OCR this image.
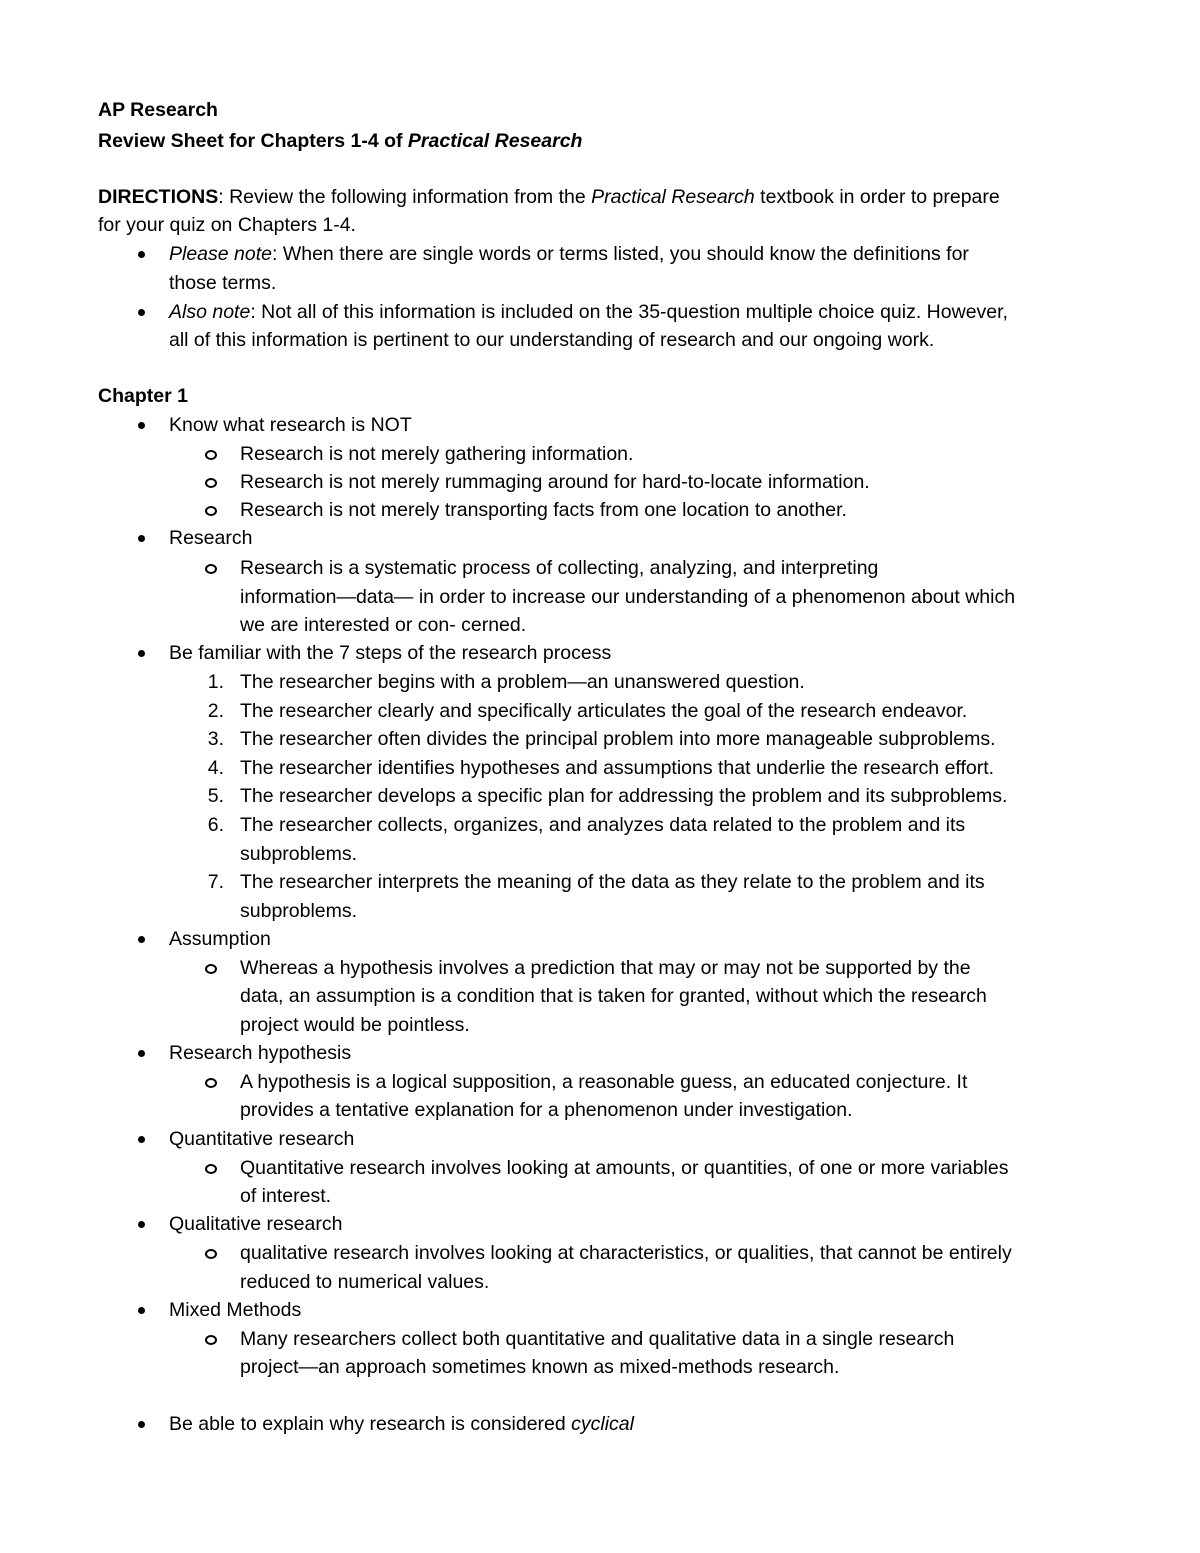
AP Research
Review Sheet for Chapters 1-4 of Practical Research
DIRECTIONS: Review the following information from the Practical Research textbook in order to prepare
for your quiz on Chapters 1-4.
Please note: When there are single words or terms listed, you should know the definitions for
those terms.
Also note: Not all of this information is included on the 35-question multiple choice quiz. However,
all of this information is pertinent to our understanding of research and our ongoing work.
Chapter 1
Know what research is NOT
Research is not merely gathering information.
Research is not merely rummaging around for hard-to-locate information.
Research is not merely transporting facts from one location to another.
Research
Research is a systematic process of collecting, analyzing, and interpreting
information—data— in order to increase our understanding of a phenomenon about which
we are interested or con- cerned.
Be familiar with the 7 steps of the research process
1. The researcher begins with a problem—an unanswered question.
2. The researcher clearly and specifically articulates the goal of the research endeavor.
3. The researcher often divides the principal problem into more manageable subproblems.
4. The researcher identifies hypotheses and assumptions that underlie the research effort.
5. The researcher develops a specific plan for addressing the problem and its subproblems.
6. The researcher collects, organizes, and analyzes data related to the problem and its
subproblems.
7. The researcher interprets the meaning of the data as they relate to the problem and its
subproblems.
Assumption
Whereas a hypothesis involves a prediction that may or may not be supported by the
data, an assumption is a condition that is taken for granted, without which the research
project would be pointless.
Research hypothesis
A hypothesis is a logical supposition, a reasonable guess, an educated conjecture. It
provides a tentative explanation for a phenomenon under investigation.
Quantitative research
Quantitative research involves looking at amounts, or quantities, of one or more variables
of interest.
Qualitative research
qualitative research involves looking at characteristics, or qualities, that cannot be entirely
reduced to numerical values.
Mixed Methods
Many researchers collect both quantitative and qualitative data in a single research
project—an approach sometimes known as mixed-methods research.
Be able to explain why research is considered cyclical
